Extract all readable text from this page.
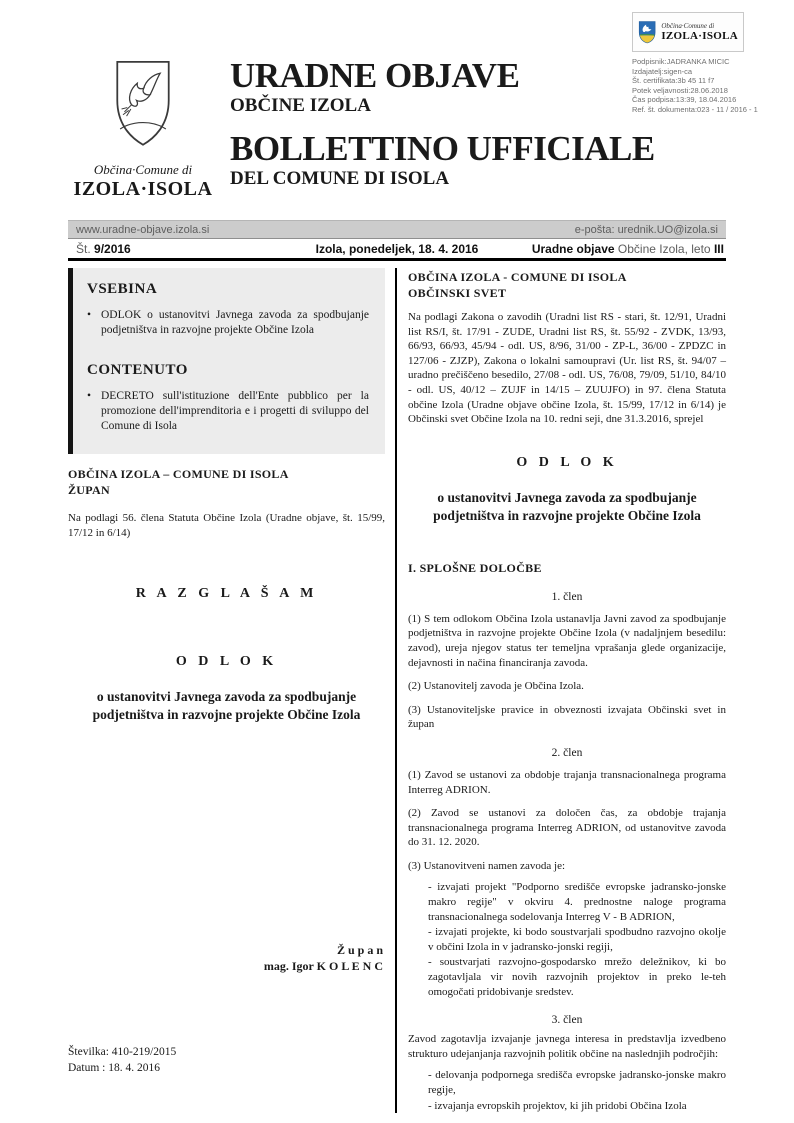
Občina·Comune di
IZOLA·ISOLA
Podpisnik:JADRANKA MICIC
Izdajatelj:sigen-ca
Št. certifikata:3b 45 11 f7
Potek veljavnosti:28.06.2018
Čas podpisa:13:39, 18.04.2016
Ref. št. dokumenta:023 - 11 / 2016 - 1
Občina·Comune di
IZOLA·ISOLA
URADNE OBJAVE
OBČINE IZOLA
BOLLETTINO UFFICIALE
DEL COMUNE DI ISOLA
www.uradne-objave.izola.si	e-pošta: urednik.UO@izola.si
Št. 9/2016	Izola, ponedeljek, 18. 4. 2016	Uradne objave Občine Izola, leto III
VSEBINA
• ODLOK o ustanovitvi Javnega zavoda za spodbujanje podjetništva in razvojne projekte Občine Izola
CONTENUTO
• DECRETO sull'istituzione dell'Ente pubblico per la promozione dell'imprenditoria e i progetti di sviluppo del Comune di Isola
OBČINA IZOLA – COMUNE DI ISOLA
ŽUPAN

Na podlagi 56. člena Statuta Občine Izola (Uradne objave, št. 15/99, 17/12 in 6/14)

R A Z G L A Š A M
O D L O K
o ustanovitvi Javnega zavoda za spodbujanje podjetništva in razvojne projekte Občine Izola
Ž u p a n
mag. Igor K O L E N C
Številka: 410-219/2015
Datum : 18. 4. 2016
OBČINA IZOLA - COMUNE DI ISOLA
OBČINSKI SVET

Na podlagi Zakona o zavodih (Uradni list RS - stari, št. 12/91, Uradni list RS/I, št. 17/91 - ZUDE, Uradni list RS, št. 55/92 - ZVDK, 13/93, 66/93, 66/93, 45/94 - odl. US, 8/96, 31/00 - ZP-L, 36/00 - ZPDZC in 127/06 - ZJZP), Zakona o lokalni samoupravi (Ur. list RS, št. 94/07 – uradno prečiščeno besedilo, 27/08 - odl. US, 76/08, 79/09, 51/10, 84/10 - odl. US, 40/12 – ZUJF in 14/15 – ZUUJFO) in 97. člena Statuta občine Izola (Uradne objave občine Izola, št. 15/99, 17/12 in 6/14) je Občinski svet Občine Izola na 10. redni seji, dne 31.3.2016, sprejel

O D L O K
o ustanovitvi Javnega zavoda za spodbujanje podjetništva in razvojne projekte Občine Izola
I. SPLOŠNE DOLOČBE
1. člen

(1) S tem odlokom Občina Izola ustanavlja Javni zavod za spodbujanje podjetništva in razvojne projekte Občine Izola (v nadaljnjem besedilu: zavod), ureja njegov status ter temeljna vprašanja glede organizacije, dejavnosti in načina financiranja zavoda.

(2) Ustanovitelj zavoda je Občina Izola.

(3) Ustanoviteljske pravice in obveznosti izvajata Občinski svet in župan

2. člen

(1) Zavod se ustanovi za obdobje trajanja transnacionalnega programa Interreg ADRION.

(2) Zavod se ustanovi za določen čas, za obdobje trajanja transnacionalnega programa Interreg ADRION, od ustanovitve zavoda do 31. 12. 2020.

(3) Ustanovitveni namen zavoda je:

- izvajati projekt "Podporno središče evropske jadransko-jonske makro regije" v okviru 4. prednostne naloge programa transnacionalnega sodelovanja Interreg V - B ADRION,
- izvajati projekte, ki bodo soustvarjali spodbudno razvojno okolje v občini Izola in v jadransko-jonski regiji,
- soustvarjati razvojno-gospodarsko mrežo deležnikov, ki bo zagotavljala vir novih razvojnih projektov in preko le-teh omogočati pridobivanje sredstev.
3. člen

Zavod zagotavlja izvajanje javnega interesa in predstavlja izvedbeno strukturo udejanjanja razvojnih politik občine na naslednjih področjih:

- delovanja podpornega središča evropske jadransko-jonske makro regije,
- izvajanja evropskih projektov, ki jih pridobi Občina Izola
